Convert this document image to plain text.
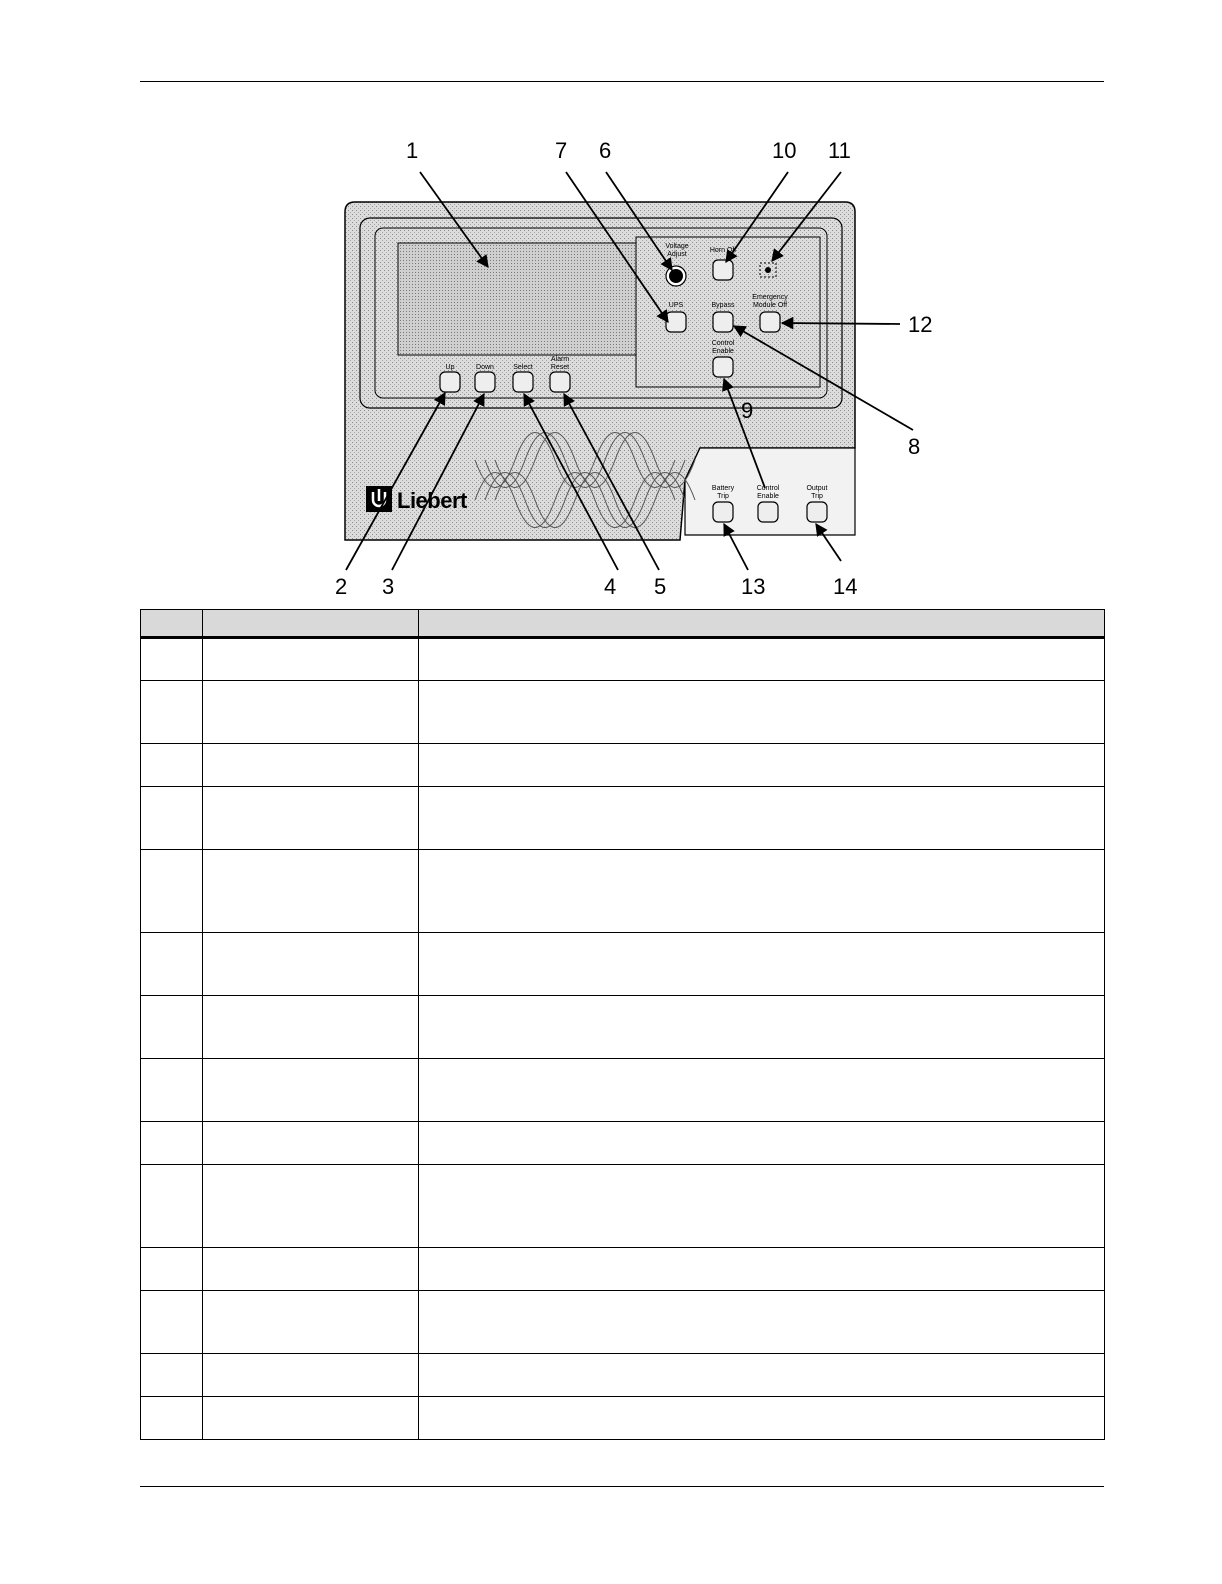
1	7 6	10 11
12
8
9
2 3	4 5	13	14
Up	Down	Select
Alarm Reset
Voltage Adjust
Horn Off
UPS	Bypass
Emergency Module Off
Control Enable
Battery Trip
Control Enable
Output Trip
Liebert
